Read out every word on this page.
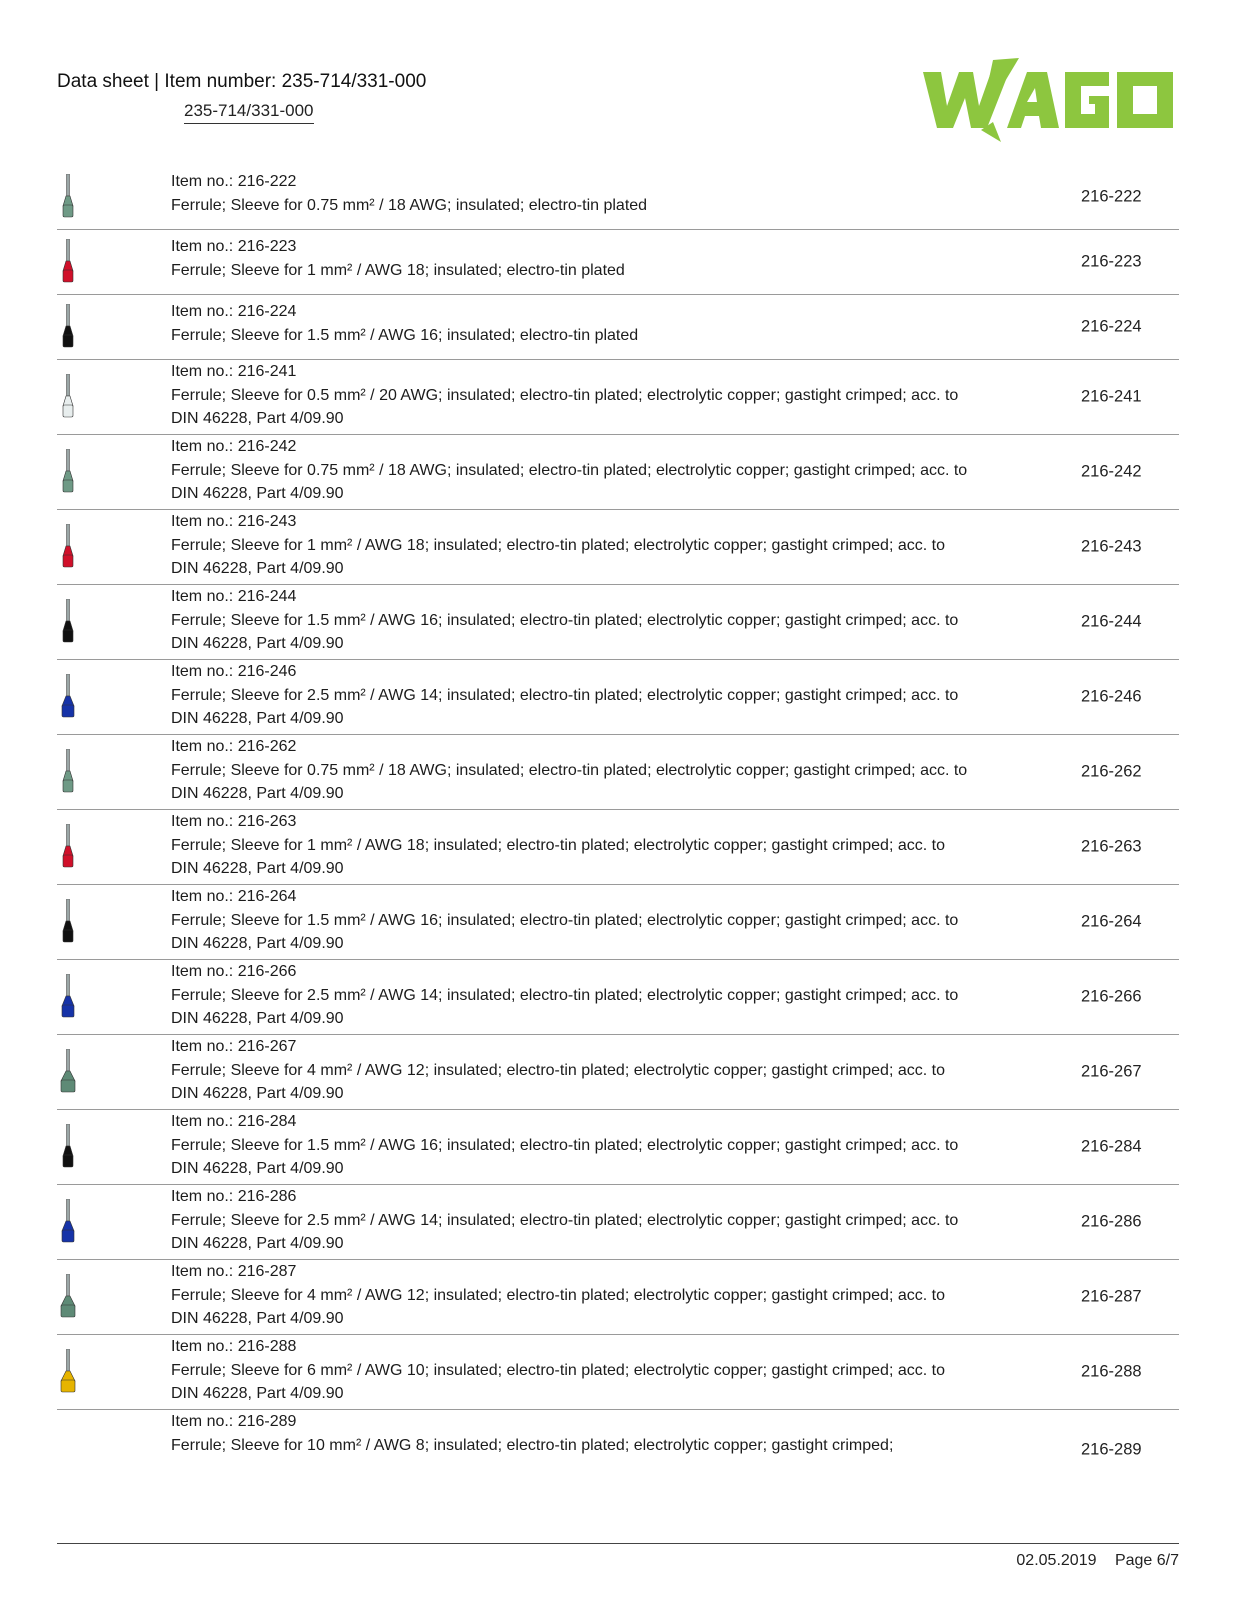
Data sheet | Item number: 235-714/331-000
235-714/331-000
Item no.: 216-222
Ferrule; Sleeve for 0.75 mm² / 18 AWG; insulated; electro-tin plated	216-222
Item no.: 216-223
Ferrule; Sleeve for 1 mm² / AWG 18; insulated; electro-tin plated	216-223
Item no.: 216-224
Ferrule; Sleeve for 1.5 mm² / AWG 16; insulated; electro-tin plated	216-224
Item no.: 216-241
Ferrule; Sleeve for 0.5 mm² / 20 AWG; insulated; electro-tin plated; electrolytic copper; gastight crimped; acc. to DIN 46228, Part 4/09.90
216-241
Item no.: 216-242
Ferrule; Sleeve for 0.75 mm² / 18 AWG; insulated; electro-tin plated; electrolytic copper; gastight crimped; acc. to DIN 46228, Part 4/09.90
216-242
Item no.: 216-243
Ferrule; Sleeve for 1 mm² / AWG 18; insulated; electro-tin plated; electrolytic copper; gastight crimped; acc. to DIN 46228, Part 4/09.90
216-243
Item no.: 216-244
Ferrule; Sleeve for 1.5 mm² / AWG 16; insulated; electro-tin plated; electrolytic copper; gastight crimped; acc. to DIN 46228, Part 4/09.90
216-244
Item no.: 216-246
Ferrule; Sleeve for 2.5 mm² / AWG 14; insulated; electro-tin plated; electrolytic copper; gastight crimped; acc. to DIN 46228, Part 4/09.90
216-246
Item no.: 216-262
Ferrule; Sleeve for 0.75 mm² / 18 AWG; insulated; electro-tin plated; electrolytic copper; gastight crimped; acc. to DIN 46228, Part 4/09.90
216-262
Item no.: 216-263
Ferrule; Sleeve for 1 mm² / AWG 18; insulated; electro-tin plated; electrolytic copper; gastight crimped; acc. to DIN 46228, Part 4/09.90
216-263
Item no.: 216-264
Ferrule; Sleeve for 1.5 mm² / AWG 16; insulated; electro-tin plated; electrolytic copper; gastight crimped; acc. to DIN 46228, Part 4/09.90
216-264
Item no.: 216-266
Ferrule; Sleeve for 2.5 mm² / AWG 14; insulated; electro-tin plated; electrolytic copper; gastight crimped; acc. to DIN 46228, Part 4/09.90
216-266
Item no.: 216-267
Ferrule; Sleeve for 4 mm² / AWG 12; insulated; electro-tin plated; electrolytic copper; gastight crimped; acc. to DIN 46228, Part 4/09.90
216-267
Item no.: 216-284
Ferrule; Sleeve for 1.5 mm² / AWG 16; insulated; electro-tin plated; electrolytic copper; gastight crimped; acc. to DIN 46228, Part 4/09.90
216-284
Item no.: 216-286
Ferrule; Sleeve for 2.5 mm² / AWG 14; insulated; electro-tin plated; electrolytic copper; gastight crimped; acc. to DIN 46228, Part 4/09.90
216-286
Item no.: 216-287
Ferrule; Sleeve for 4 mm² / AWG 12; insulated; electro-tin plated; electrolytic copper; gastight crimped; acc. to DIN 46228, Part 4/09.90
216-287
Item no.: 216-288
Ferrule; Sleeve for 6 mm² / AWG 10; insulated; electro-tin plated; electrolytic copper; gastight crimped; acc. to DIN 46228, Part 4/09.90
216-288
Item no.: 216-289
Ferrule; Sleeve for 10 mm² / AWG 8; insulated; electro-tin plated; electrolytic copper; gastight crimped;	216-289
02.05.2019 Page 6/7
